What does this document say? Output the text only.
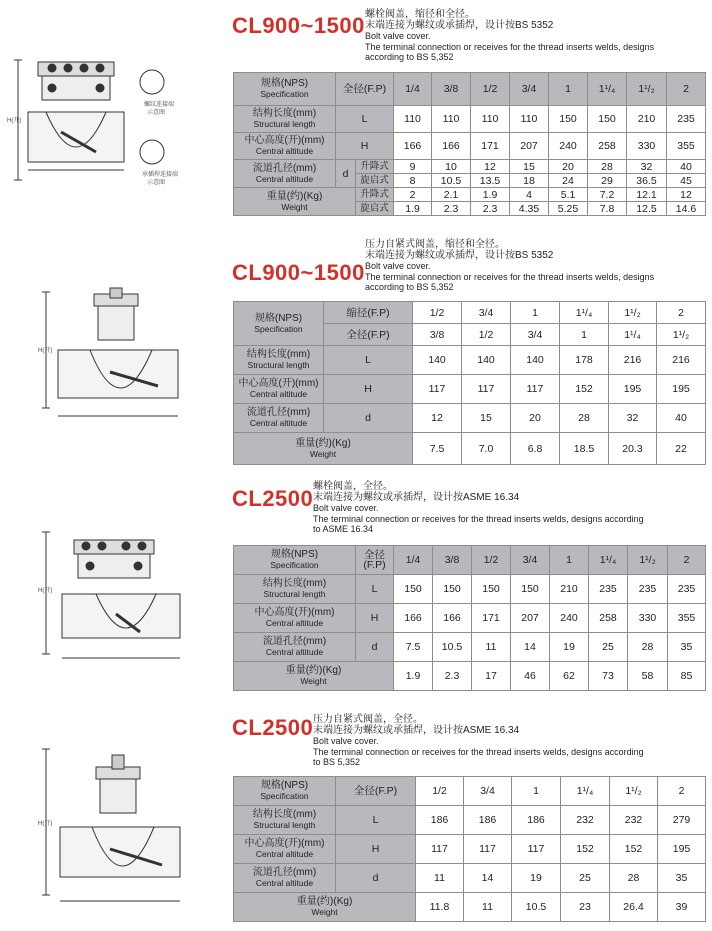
H(开)
螺纹连接端
示意图
承插焊连接端
示意图
CL900~1500 螺栓阀盖，缩径和全径。
末端连接为螺纹或承插焊，设计按BS 5352
Bolt valve cover.
The terminal connection or receives for the thread inserts welds, designs
according to BS 5,352
规格(NPS)
Specification	全径(F.P)		1/4	3/8	1/2	3/4	1	1¹/₄	1¹/₂	2

结构长度(mm)
Structural length	L		110	110	110	110	150	150	210	235

中心高度(开)(mm)
Central altitude	H		166	166	171	207	240	258	330	355

流道孔径(mm)
Central altitude	d	升降式	9	10	12	15	20	28	32	40
		旋启式	8	10.5	13.5	18	24	29	36.5	45

重量(约)(Kg)
Weight		升降式	2	2.1	1.9	4	5.1	7.2	12.1	12
		旋启式	1.9	2.3	2.3	4.35	5.25	7.8	12.5	14.6
H(开)
CL900~1500
压力自紧式阀盖，缩径和全径。
末端连接为螺纹或承插焊，设计按BS 5352
Bolt valve cover.
The terminal connection or receives for the thread inserts welds, designs
according to BS 5,352
规格(NPS)
Specification	缩径(F.P)	1/2	3/4	1	1¹/₄	1¹/₂	2
	全径(F.P)	3/8	1/2	3/4	1	1¹/₄	1¹/₂

结构长度(mm)
Structural length	L	140	140	140	178	216	216

中心高度(开)(mm)
Central altitude	H	117	117	117	152	195	195

流道孔径(mm)
Central altitude	d	12	15	20	28	32	40

重量(约)(Kg)
Weight		7.5	7.0	6.8	18.5	20.3	22
H(开)
CL2500 螺栓阀盖，全径。
末端连接为螺纹或承插焊，设计按ASME 16.34
Bolt valve cover.
The terminal connection or receives for the thread inserts welds, designs according
to ASME 16.34
规格(NPS)
Specification	全径(F.P)	1/4	3/8	1/2	3/4	1	1¹/₄	1¹/₂	2

结构长度(mm)
Structural length	L	150	150	150	150	210	235	235	235

中心高度(开)(mm)
Central altitude	H	166	166	171	207	240	258	330	355

流道孔径(mm)
Central altitude	d	7.5	10.5	11	14	19	25	28	35

重量(约)(Kg)
Weight		1.9	2.3	17	46	62	73	58	85
H(开)
CL2500 压力自紧式阀盖，全径。
末端连接为螺纹或承插焊，设计按ASME 16.34
Bolt valve cover.
The terminal connection or receives for the thread inserts welds, designs according
to BS 5,352
规格(NPS)
Specification	全径(F.P)	1/2	3/4	1	1¹/₄	1¹/₂	2

结构长度(mm)
Structural length	L	186	186	186	232	232	279

中心高度(开)(mm)
Central altitude	H	117	117	117	152	152	195

流道孔径(mm)
Central altitude	d	11	14	19	25	28	35

重量(约)(Kg)
Weight		11.8	11	10.5	23	26.4	39
